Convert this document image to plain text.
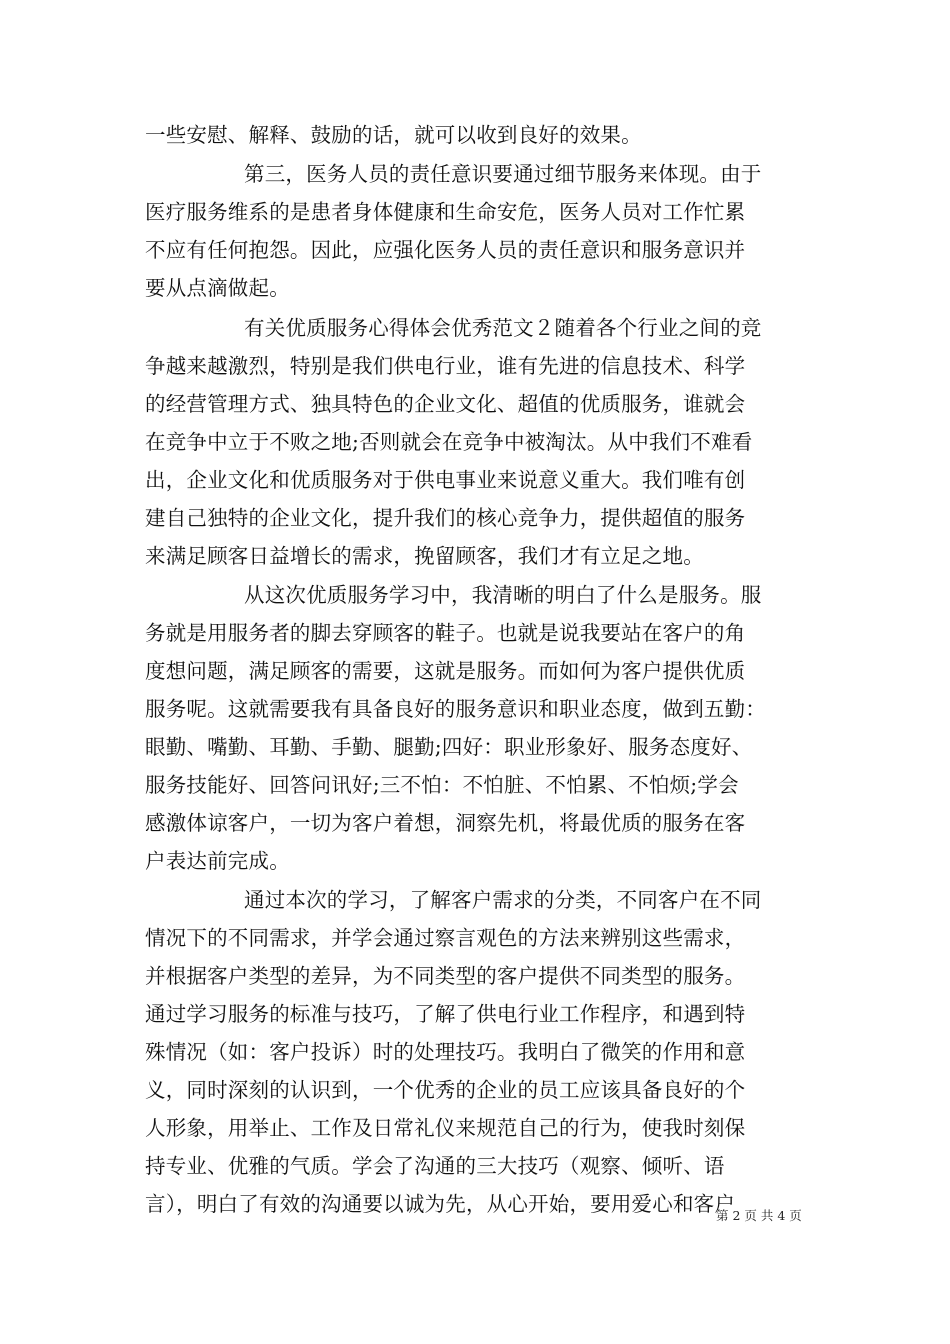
一些安慰、解释、鼓励的话，就可以收到良好的效果。
第三，医务人员的责任意识要通过细节服务来体现。由于
医疗服务维系的是患者身体健康和生命安危，医务人员对工作忙累
不应有任何抱怨。因此，应强化医务人员的责任意识和服务意识并
要从点滴做起。
有关优质服务心得体会优秀范文２随着各个行业之间的竞
争越来越激烈，特别是我们供电行业，谁有先进的信息技术、科学
的经营管理方式、独具特色的企业文化、超值的优质服务，谁就会
在竞争中立于不败之地;否则就会在竞争中被淘汰。从中我们不难看
出，企业文化和优质服务对于供电事业来说意义重大。我们唯有创
建自己独特的企业文化，提升我们的核心竞争力，提供超值的服务
来满足顾客日益增长的需求，挽留顾客，我们才有立足之地。
从这次优质服务学习中，我清晰的明白了什么是服务。服
务就是用服务者的脚去穿顾客的鞋子。也就是说我要站在客户的角
度想问题，满足顾客的需要，这就是服务。而如何为客户提供优质
服务呢。这就需要我有具备良好的服务意识和职业态度，做到五勤：
眼勤、嘴勤、耳勤、手勤、腿勤;四好：职业形象好、服务态度好、
服务技能好、回答问讯好;三不怕：不怕脏、不怕累、不怕烦;学会
感激体谅客户，一切为客户着想，洞察先机，将最优质的服务在客
户表达前完成。
通过本次的学习，了解客户需求的分类，不同客户在不同
情况下的不同需求，并学会通过察言观色的方法来辨别这些需求，
并根据客户类型的差异，为不同类型的客户提供不同类型的服务。
通过学习服务的标准与技巧，了解了供电行业工作程序，和遇到特
殊情况（如：客户投诉）时的处理技巧。我明白了微笑的作用和意
义，同时深刻的认识到，一个优秀的企业的员工应该具备良好的个
人形象，用举止、工作及日常礼仪来规范自己的行为，使我时刻保
持专业、优雅的气质。学会了沟通的三大技巧（观察、倾听、语
言），明白了有效的沟通要以诚为先，从心开始，要用爱心和客户
第 2 页 共 4 页
